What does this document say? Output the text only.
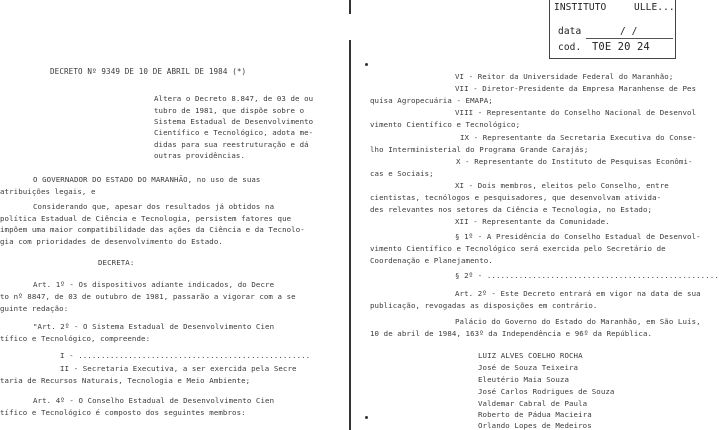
DECRETO Nº 9349 DE 10 DE ABRIL DE 1984 (*)
Altera o Decreto 8.847, de 03 de ou
tubro de 1981, que dispõe sobre o
Sistema Estadual de Desenvolvimento
Científico e Tecnológico, adota me-
didas para sua reestruturação e dá
outras providências.
O GOVERNADOR DO ESTADO DO MARANHÃO, no uso de suas
atribuições legais, e
Considerando que, apesar dos resultados já obtidos na
política Estadual de Ciência e Tecnologia, persistem fatores que
impõem uma maior compatibilidade das ações da Ciência e da Tecnolo-
gia com prioridades de desenvolvimento do Estado.
DECRETA:
Art. 1º - Os dispositivos adiante indicados, do Decre
to nº 8847, de 03 de outubro de 1981, passarão a vigorar com a se
guinte redação:
"Art. 2º - O Sistema Estadual de Desenvolvimento Cien
tífico e Tecnológico, compreende:
I - ...................................................
II - Secretaria Executiva, a ser exercida pela Secre
taria de Recursos Naturais, Tecnologia e Meio Ambiente;
Art. 4º - O Conselho Estadual de Desenvolvimento Cien
tífico e Tecnológico é composto dos seguintes membros:
INSTITUTO	ULLE...
data	/ /
cod. T0E 20 24
VI - Reitor da Universidade Federal do Maranhão;
VII - Diretor-Presidente da Empresa Maranhense de Pes
quisa Agropecuária - EMAPA;
VIII - Representante do Conselho Nacional de Desenvol
vimento Científico e Tecnológico;
IX - Representante da Secretaria Executiva do Conse-
lho Interministerial do Programa Grande Carajás;
X - Representante do Instituto de Pesquisas Econômi-
cas e Sociais;
XI - Dois membros, eleitos pelo Conselho, entre
cientistas, tecnólogos e pesquisadores, que desenvolvam ativida-
des relevantes nos setores da Ciência e Tecnologia, no Estado;
XII - Representante da Comunidade.
§ 1º - A Presidência do Conselho Estadual de Desenvol-
vimento Científico e Tecnológico será exercida pelo Secretário de
Coordenação e Planejamento.
§ 2º - ...................................................
Art. 2º - Este Decreto entrará em vigor na data de sua
publicação, revogadas as disposições em contrário.
Palácio do Governo do Estado do Maranhão, em São Luís,
10 de abril de 1984, 163º da Independência e 96º da República.
LUIZ ALVES COELHO ROCHA
José de Souza Teixeira
Eleutério Maia Souza
José Carlos Rodrigues de Souza
Valdemar Cabral de Paula
Roberto de Pádua Macieira
Orlando Lopes de Medeiros
